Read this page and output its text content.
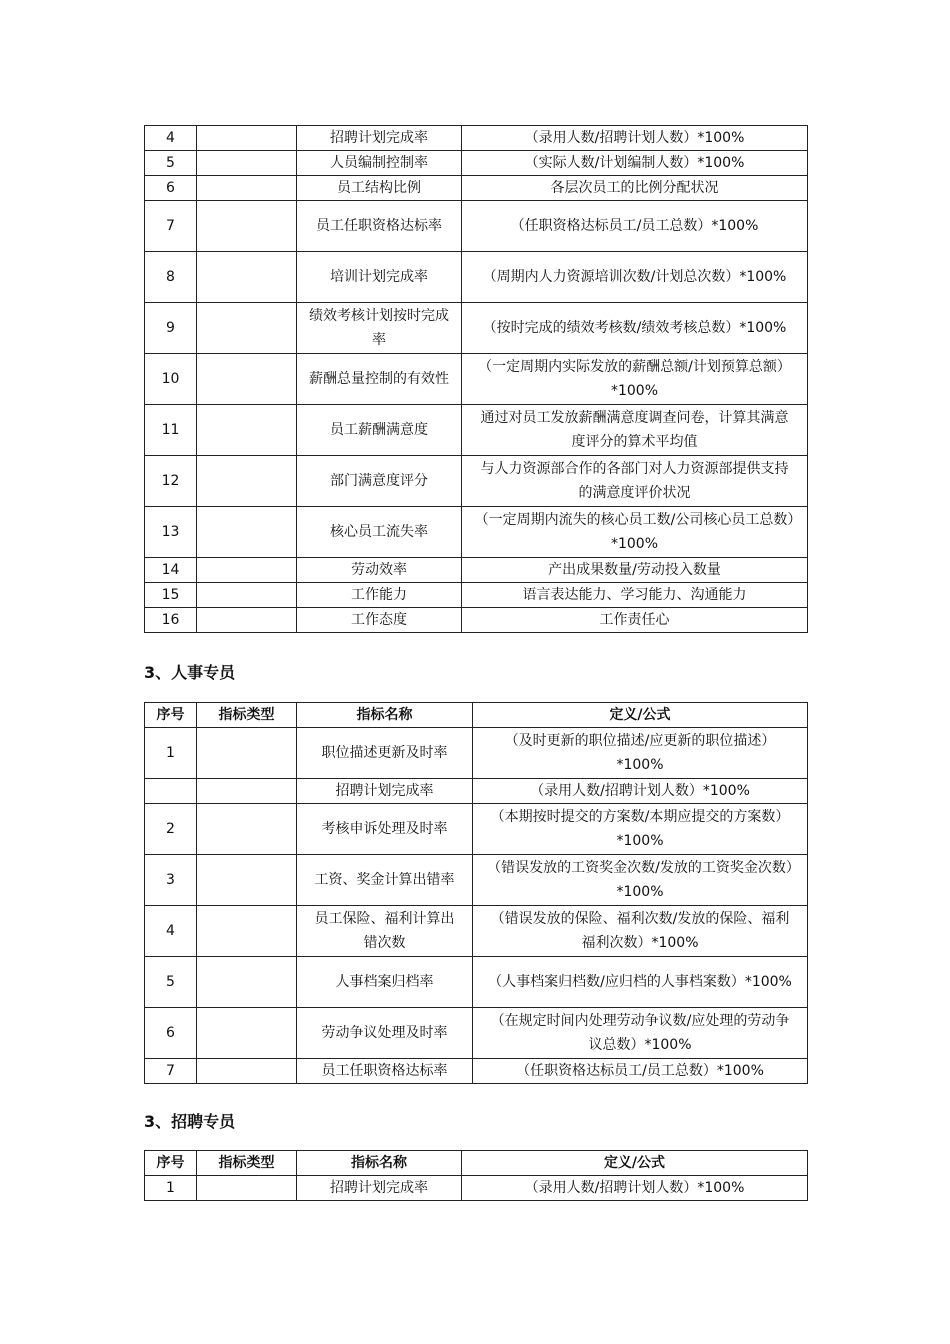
4		招聘计划完成率	（录用人数/招聘计划人数）*100%
5		人员编制控制率	（实际人数/计划编制人数）*100%
6		员工结构比例	各层次员工的比例分配状况
7		员工任职资格达标率	（任职资格达标员工/员工总数）*100%
8		培训计划完成率	（周期内人力资源培训次数/计划总次数）*100%
9		绩效考核计划按时完成率	（按时完成的绩效考核数/绩效考核总数）*100%
10		薪酬总量控制的有效性	（一定周期内实际发放的薪酬总额/计划预算总额）*100%
11		员工薪酬满意度	通过对员工发放薪酬满意度调查问卷，计算其满意度评分的算术平均值
12		部门满意度评分	与人力资源部合作的各部门对人力资源部提供支持的满意度评价状况
13		核心员工流失率	（一定周期内流失的核心员工数/公司核心员工总数）*100%
14		劳动效率	产出成果数量/劳动投入数量
15		工作能力	语言表达能力、学习能力、沟通能力
16		工作态度	工作责任心
3、人事专员
序号	指标类型	指标名称	定义/公式
1		职位描述更新及时率	（及时更新的职位描述/应更新的职位描述）*100%
		招聘计划完成率	（录用人数/招聘计划人数）*100%
2		考核申诉处理及时率	（本期按时提交的方案数/本期应提交的方案数）*100%
3		工资、奖金计算出错率	（错误发放的工资奖金次数/发放的工资奖金次数）*100%
4		员工保险、福利计算出错次数	（错误发放的保险、福利次数/发放的保险、福利福利次数）*100%
5		人事档案归档率	（人事档案归档数/应归档的人事档案数）*100%
6		劳动争议处理及时率	（在规定时间内处理劳动争议数/应处理的劳动争议总数）*100%
7		员工任职资格达标率	（任职资格达标员工/员工总数）*100%
3、招聘专员
序号	指标类型	指标名称	定义/公式
1		招聘计划完成率	（录用人数/招聘计划人数）*100%
